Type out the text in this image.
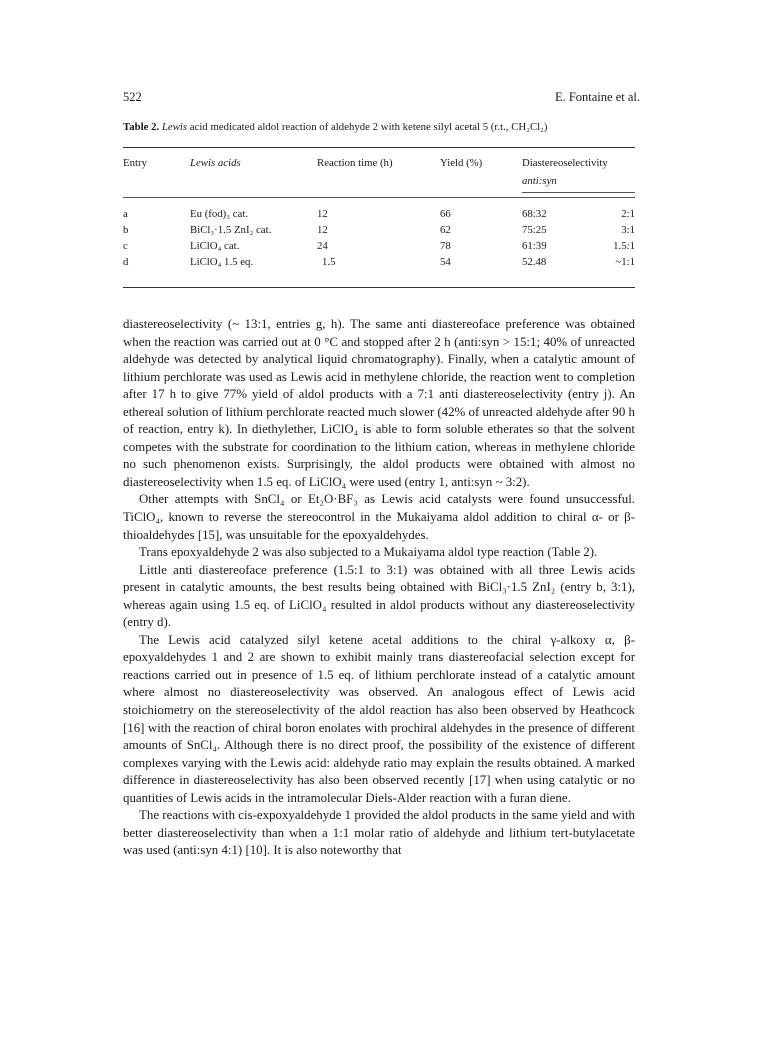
522	E. Fontaine et al.
Table 2. Lewis acid medicated aldol reaction of aldehyde 2 with ketene silyl acetal 5 (r.t., CH₂Cl₂)
Entry	Lewis acids	Reaction time (h)	Yield (%)	Diastereoselectivity
anti:syn
a	Eu (fod)₃ cat.	12	66	68:32	2:1
b	BiCl₃·1.5 ZnI₂ cat.	12	62	75:25	3:1
c	LiClO₄ cat.	24	78	61:39	1.5:1
d	LiClO₄ 1.5 eq.	1.5	54	52.48	~1:1

diastereoselectivity (~ 13:1, entries g, h). The same anti diastereoface preference was obtained when the reaction was carried out at 0 °C and stopped after 2 h (anti:syn > 15:1; 40% of unreacted aldehyde was detected by analytical liquid chromatography). Finally, when a catalytic amount of lithium perchlorate was used as Lewis acid in methylene chloride, the reaction went to completion after 17 h to give 77% yield of aldol products with a 7:1 anti diastereoselectivity (entry j). An ethereal solution of lithium perchlorate reacted much slower (42% of unreacted aldehyde after 90 h of reaction, entry k). In diethylether, LiClO₄ is able to form soluble etherates so that the solvent competes with the substrate for coordination to the lithium cation, whereas in methylene chloride no such phenomenon exists. Surprisingly, the aldol products were obtained with almost no diastereoselectivity when 1.5 eq. of LiClO₄ were used (entry 1, anti:syn ~ 3:2).

Other attempts with SnCl₄ or Et₂O·BF₃ as Lewis acid catalysts were found unsuccessful. TiClO₄, known to reverse the stereocontrol in the Mukaiyama aldol addition to chiral α- or β-thioaldehydes [15], was unsuitable for the epoxyaldehydes.

Trans epoxyaldehyde 2 was also subjected to a Mukaiyama aldol type reaction (Table 2).

Little anti diastereoface preference (1.5:1 to 3:1) was obtained with all three Lewis acids present in catalytic amounts, the best results being obtained with BiCl₃·1.5 ZnI₂ (entry b, 3:1), whereas again using 1.5 eq. of LiClO₄ resulted in aldol products without any diastereoselectivity (entry d).

The Lewis acid catalyzed silyl ketene acetal additions to the chiral γ-alkoxy α, β-epoxyaldehydes 1 and 2 are shown to exhibit mainly trans diastereofacial selection except for reactions carried out in presence of 1.5 eq. of lithium perchlorate instead of a catalytic amount where almost no diastereoselectivity was observed. An analogous effect of Lewis acid stoichiometry on the stereoselectivity of the aldol reaction has also been observed by Heathcock [16] with the reaction of chiral boron enolates with prochiral aldehydes in the presence of different amounts of SnCl₄. Although there is no direct proof, the possibility of the existence of different complexes varying with the Lewis acid: aldehyde ratio may explain the results obtained. A marked difference in diastereoselectivity has also been observed recently [17] when using catalytic or no quantities of Lewis acids in the intramolecular Diels-Alder reaction with a furan diene.

The reactions with cis-expoxyaldehyde 1 provided the aldol products in the same yield and with better diastereoselectivity than when a 1:1 molar ratio of aldehyde and lithium tert-butylacetate was used (anti:syn 4:1) [10]. It is also noteworthy that
